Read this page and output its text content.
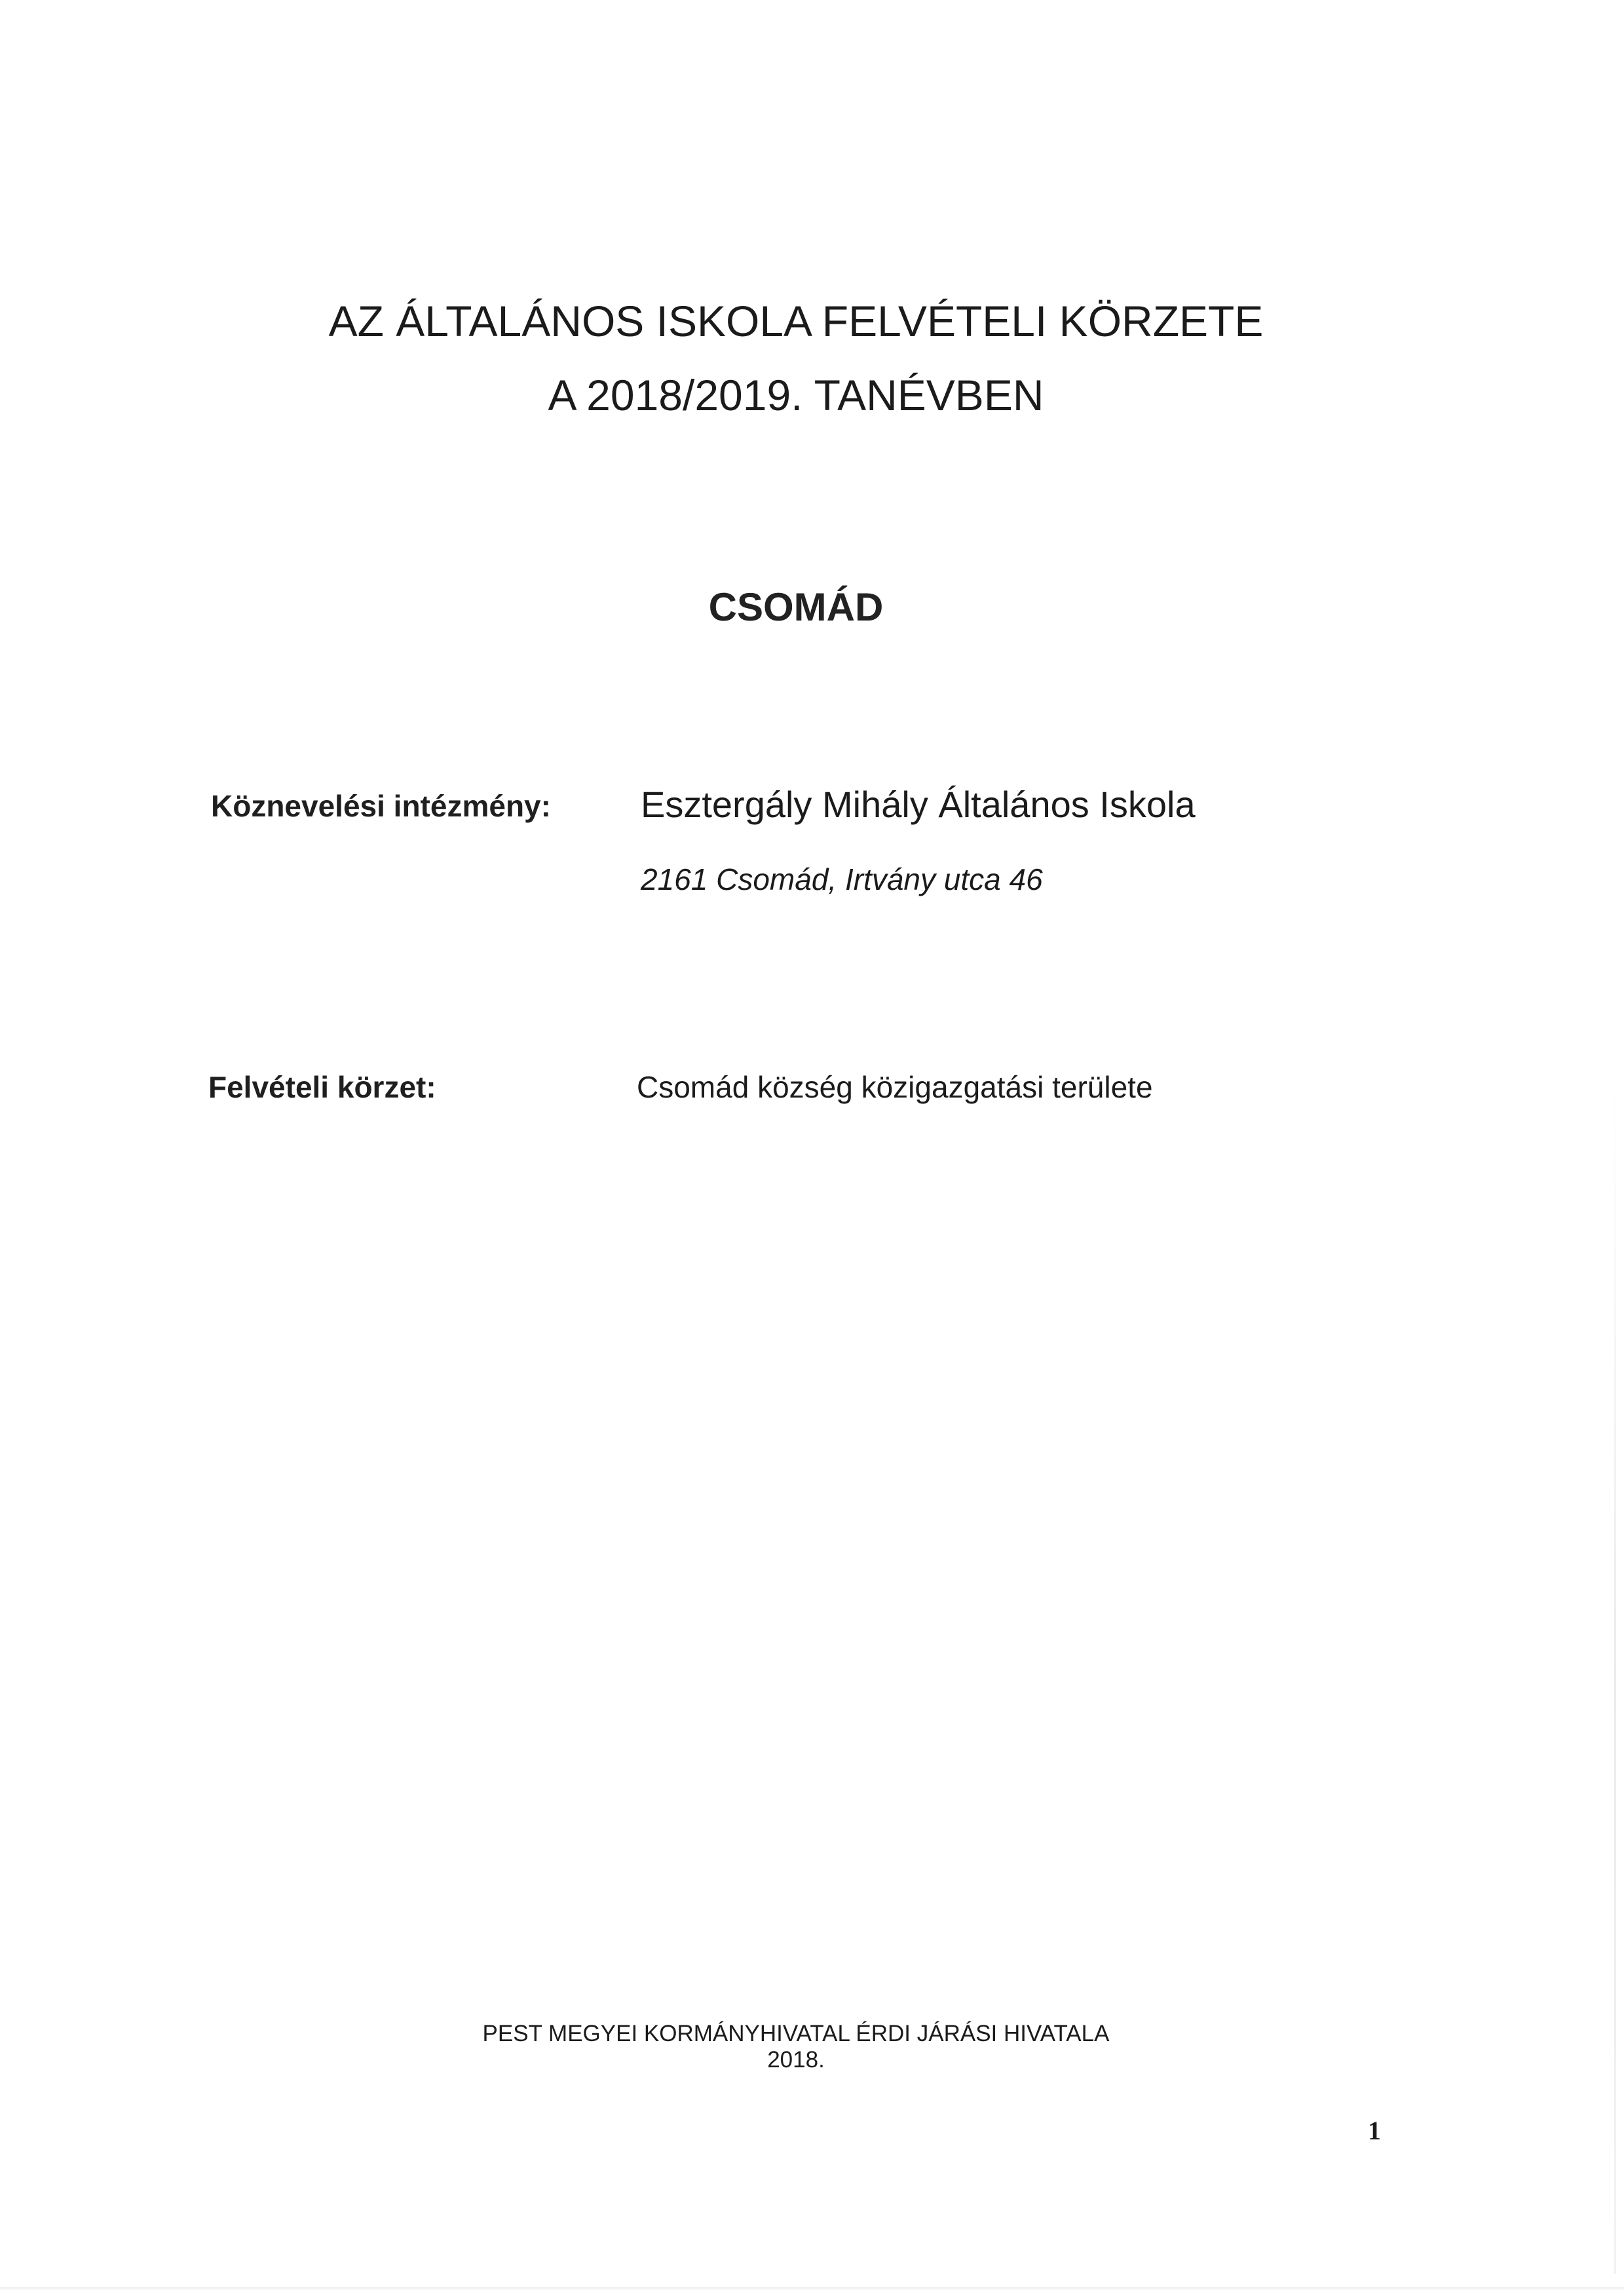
AZ ÁLTALÁNOS ISKOLA FELVÉTELI KÖRZETE
A 2018/2019. TANÉVBEN
CSOMÁD
Köznevelési intézmény: Esztergály Mihály Általános Iskola
2161 Csomád, Irtvány utca 46
Felvételi körzet:	Csomád község közigazgatási területe
PEST MEGYEI KORMÁNYHIVATAL ÉRDI JÁRÁSI HIVATALA
2018.
1
